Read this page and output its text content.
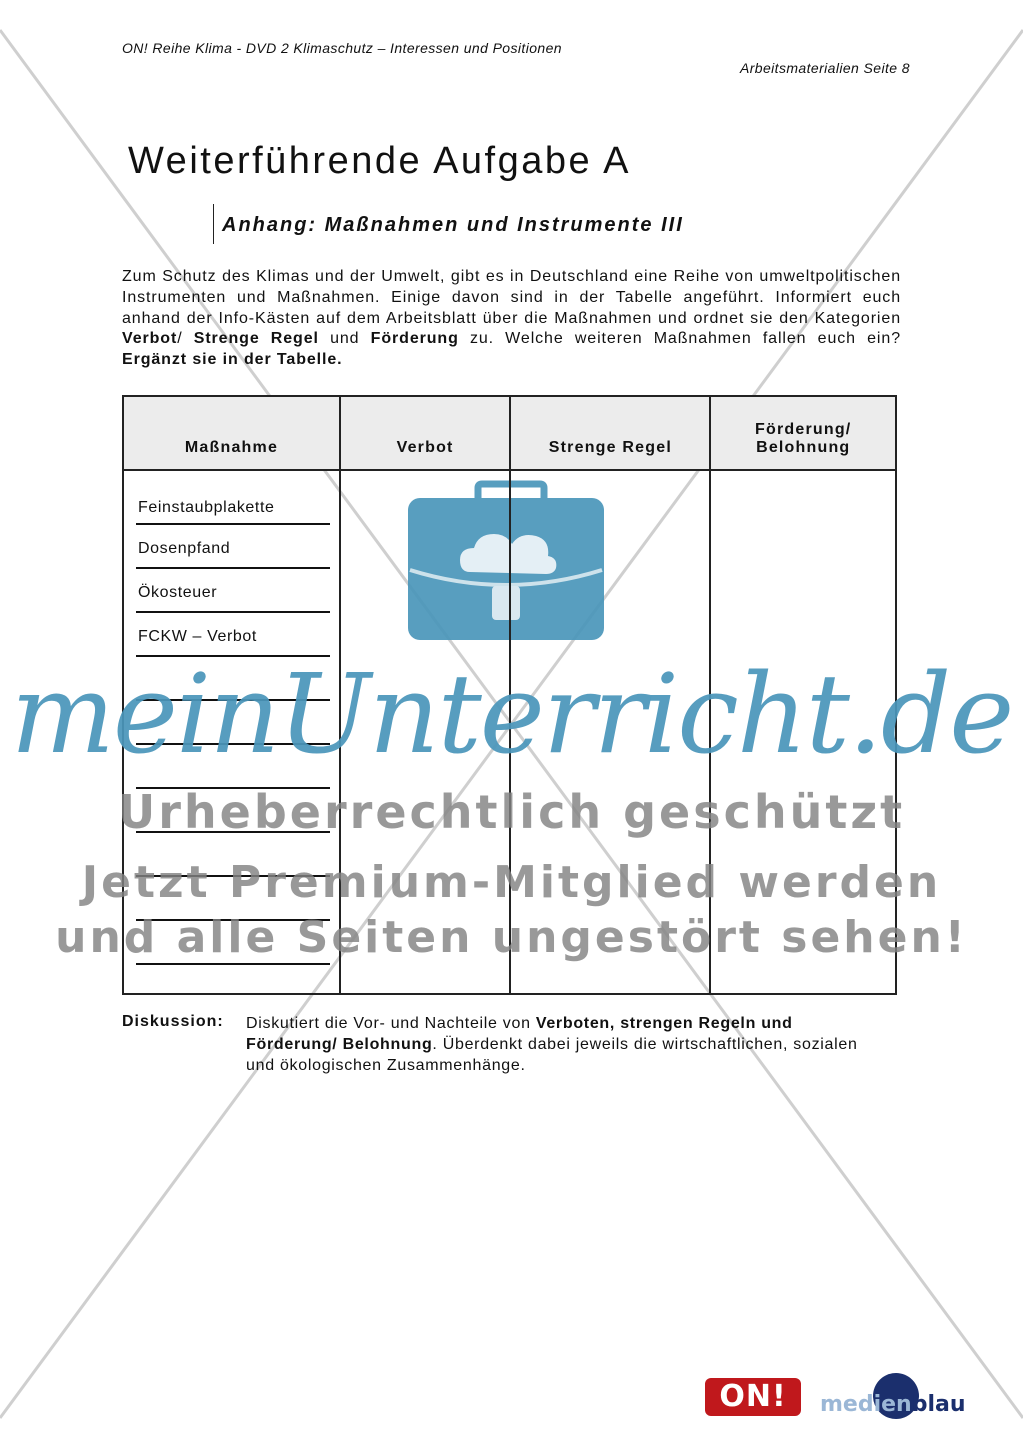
ON! Reihe Klima - DVD 2 Klimaschutz – Interessen und Positionen
Arbeitsmaterialien Seite 8
Weiterführende Aufgabe A
Anhang: Maßnahmen und Instrumente III
Zum Schutz des Klimas und der Umwelt, gibt es in Deutschland eine Reihe von umweltpolitischen Instrumenten und Maßnahmen. Einige davon sind in der Tabelle angeführt. Informiert euch anhand der Info-Kästen auf dem Arbeitsblatt über die Maßnahmen und ordnet sie den Kategorien Verbot/ Strenge Regel und Förderung zu. Welche weiteren Maßnahmen fallen euch ein? Ergänzt sie in der Tabelle.
Maßnahme	Verbot	Strenge Regel	Förderung/
Belohnung

Feinstaubplakette
Dosenpfand
Ökosteuer
FCKW – Verbot			

Diskussion: Diskutiert die Vor- und Nachteile von Verboten, strengen Regeln und Förderung/ Belohnung. Überdenkt dabei jeweils die wirtschaftlichen, sozialen und ökologischen Zusammenhänge.
meinUnterricht.de
Urheberrechtlich geschützt
Jetzt Premium-Mitglied werden
und alle Seiten ungestört sehen!
ON!	medienblau
